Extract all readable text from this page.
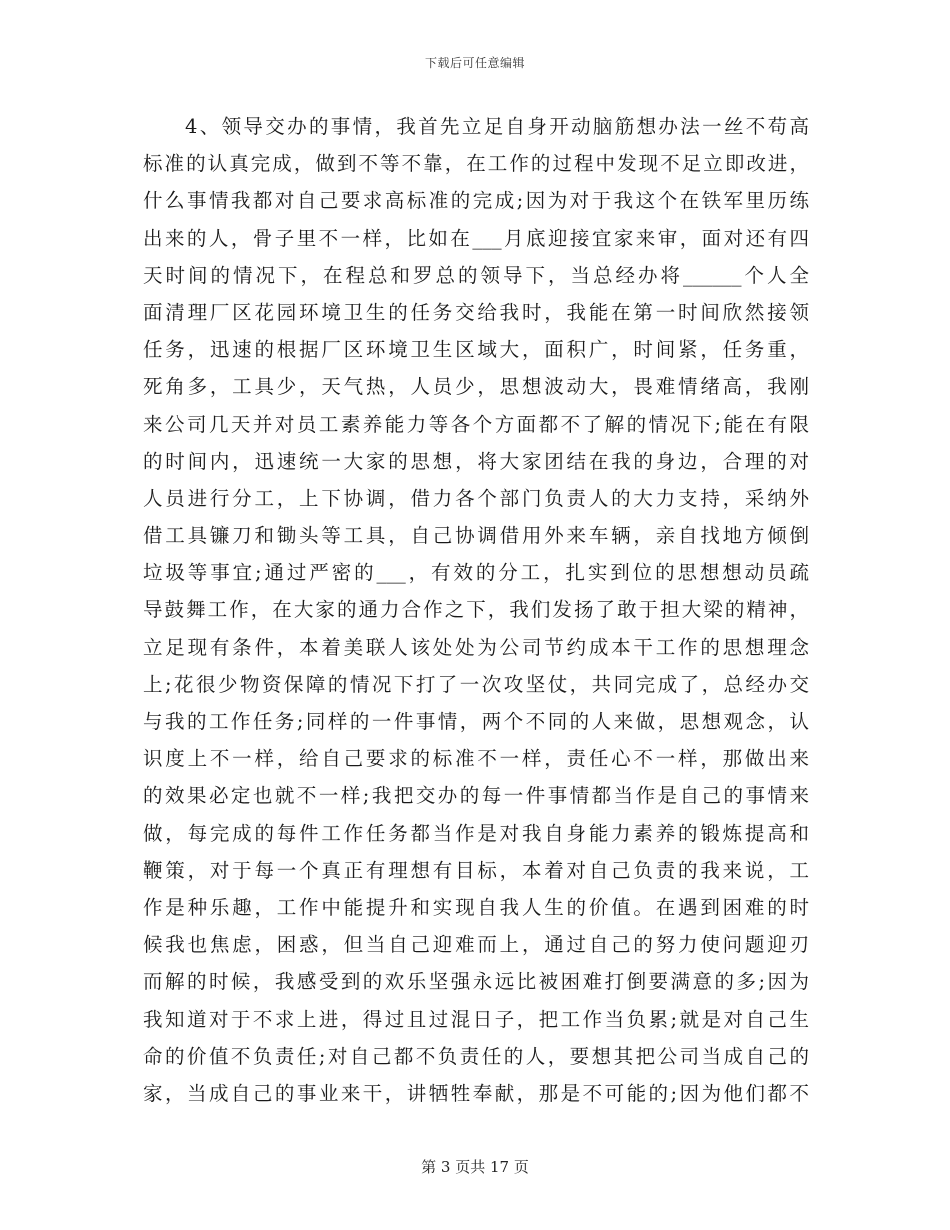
下载后可任意编辑
4、领导交办的事情，我首先立足自身开动脑筋想办法一丝不苟高
标准的认真完成，做到不等不靠，在工作的过程中发现不足立即改进，
什么事情我都对自己要求高标准的完成;因为对于我这个在铁军里历练
出来的人，骨子里不一样，比如在___月底迎接宜家来审，面对还有四
天时间的情况下，在程总和罗总的领导下，当总经办将______个人全
面清理厂区花园环境卫生的任务交给我时，我能在第一时间欣然接领
任务，迅速的根据厂区环境卫生区域大，面积广，时间紧，任务重，
死角多，工具少，天气热，人员少，思想波动大，畏难情绪高，我刚
来公司几天并对员工素养能力等各个方面都不了解的情况下;能在有限
的时间内，迅速统一大家的思想，将大家团结在我的身边，合理的对
人员进行分工，上下协调，借力各个部门负责人的大力支持，采纳外
借工具镰刀和锄头等工具，自己协调借用外来车辆，亲自找地方倾倒
垃圾等事宜;通过严密的___，有效的分工，扎实到位的思想想动员疏
导鼓舞工作，在大家的通力合作之下，我们发扬了敢于担大梁的精神，
立足现有条件，本着美联人该处处为公司节约成本干工作的思想理念
上;花很少物资保障的情况下打了一次攻坚仗，共同完成了，总经办交
与我的工作任务;同样的一件事情，两个不同的人来做，思想观念，认
识度上不一样，给自己要求的标准不一样，责任心不一样，那做出来
的效果必定也就不一样;我把交办的每一件事情都当作是自己的事情来
做，每完成的每件工作任务都当作是对我自身能力素养的锻炼提高和
鞭策，对于每一个真正有理想有目标，本着对自己负责的我来说，工
作是种乐趣，工作中能提升和实现自我人生的价值。在遇到困难的时
候我也焦虑，困惑，但当自己迎难而上，通过自己的努力使问题迎刃
而解的时候，我感受到的欢乐坚强永远比被困难打倒要满意的多;因为
我知道对于不求上进，得过且过混日子，把工作当负累;就是对自己生
命的价值不负责任;对自己都不负责任的人，要想其把公司当成自己的
家，当成自己的事业来干，讲牺牲奉献，那是不可能的;因为他们都不
第 3 页共 17 页
